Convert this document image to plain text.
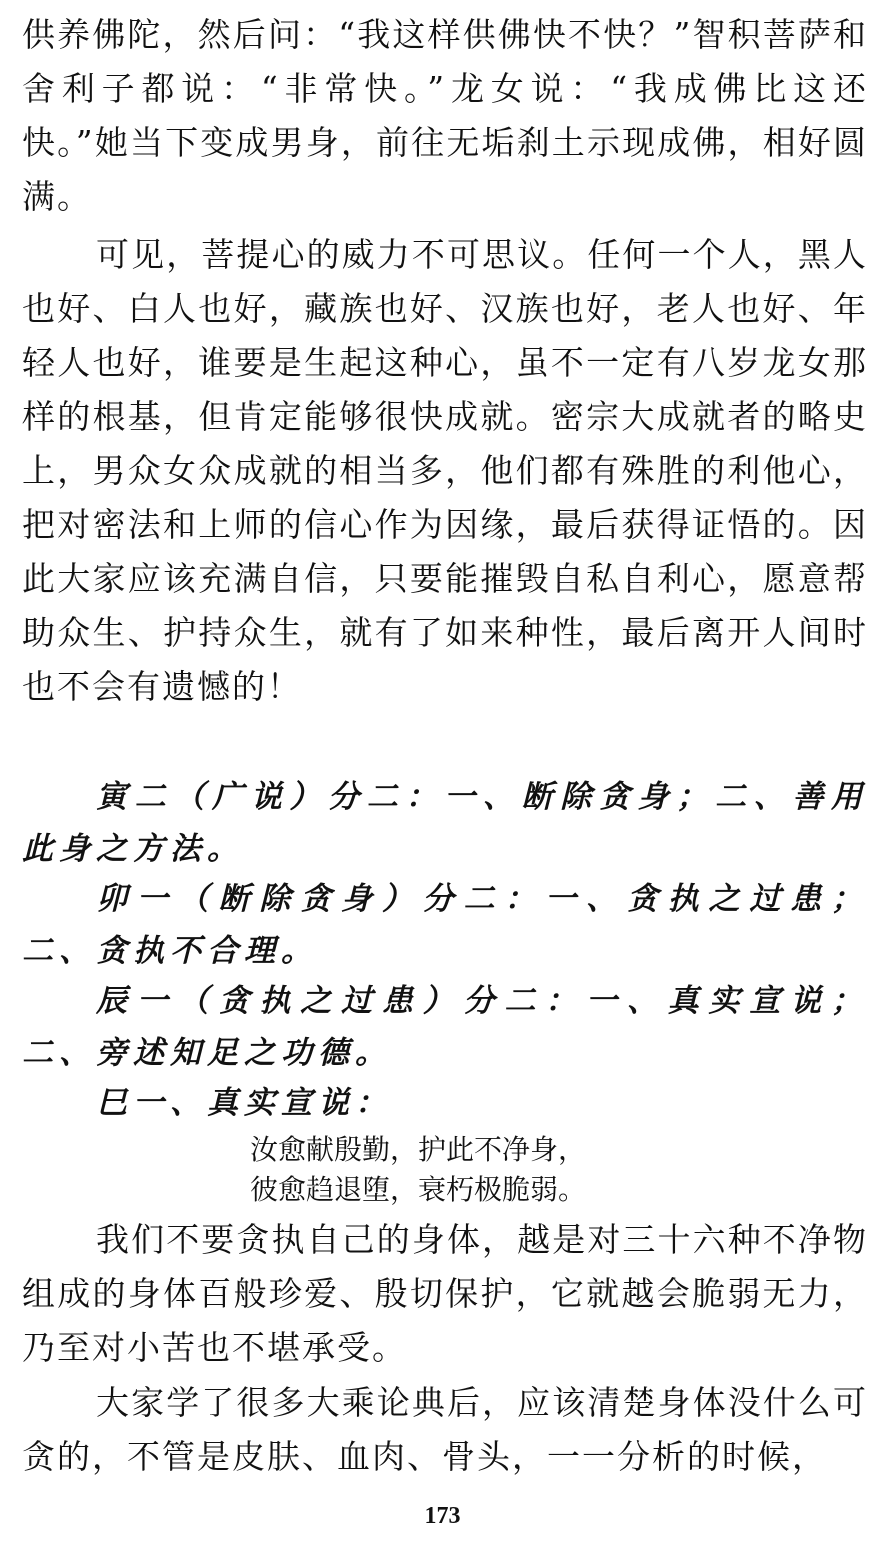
供养佛陀，然后问：“我这样供佛快不快？”智积菩萨和舍利子都说：“非常快。”龙女说：“我成佛比这还快。”她当下变成男身，前往无垢刹土示现成佛，相好圆满。

可见，菩提心的威力不可思议。任何一个人，黑人也好、白人也好，藏族也好、汉族也好，老人也好、年轻人也好，谁要是生起这种心，虽不一定有八岁龙女那样的根基，但肯定能够很快成就。密宗大成就者的略史上，男众女众成就的相当多，他们都有殊胜的利他心，把对密法和上师的信心作为因缘，最后获得证悟的。因此大家应该充满自信，只要能摧毁自私自利心，愿意帮助众生、护持众生，就有了如来种性，最后离开人间时也不会有遗憾的！

寅二（广说）分二：一、断除贪身；二、善用此身之方法。

卯一（断除贪身）分二：一、贪执之过患；二、贪执不合理。

辰一（贪执之过患）分二：一、真实宣说；二、旁述知足之功德。

巳一、真实宣说：

汝愈献殷勤，护此不净身，

彼愈趋退堕，衰朽极脆弱。

我们不要贪执自己的身体，越是对三十六种不净物组成的身体百般珍爱、殷切保护，它就越会脆弱无力，乃至对小苦也不堪承受。

大家学了很多大乘论典后，应该清楚身体没什么可贪的，不管是皮肤、血肉、骨头，一一分析的时候，

173
